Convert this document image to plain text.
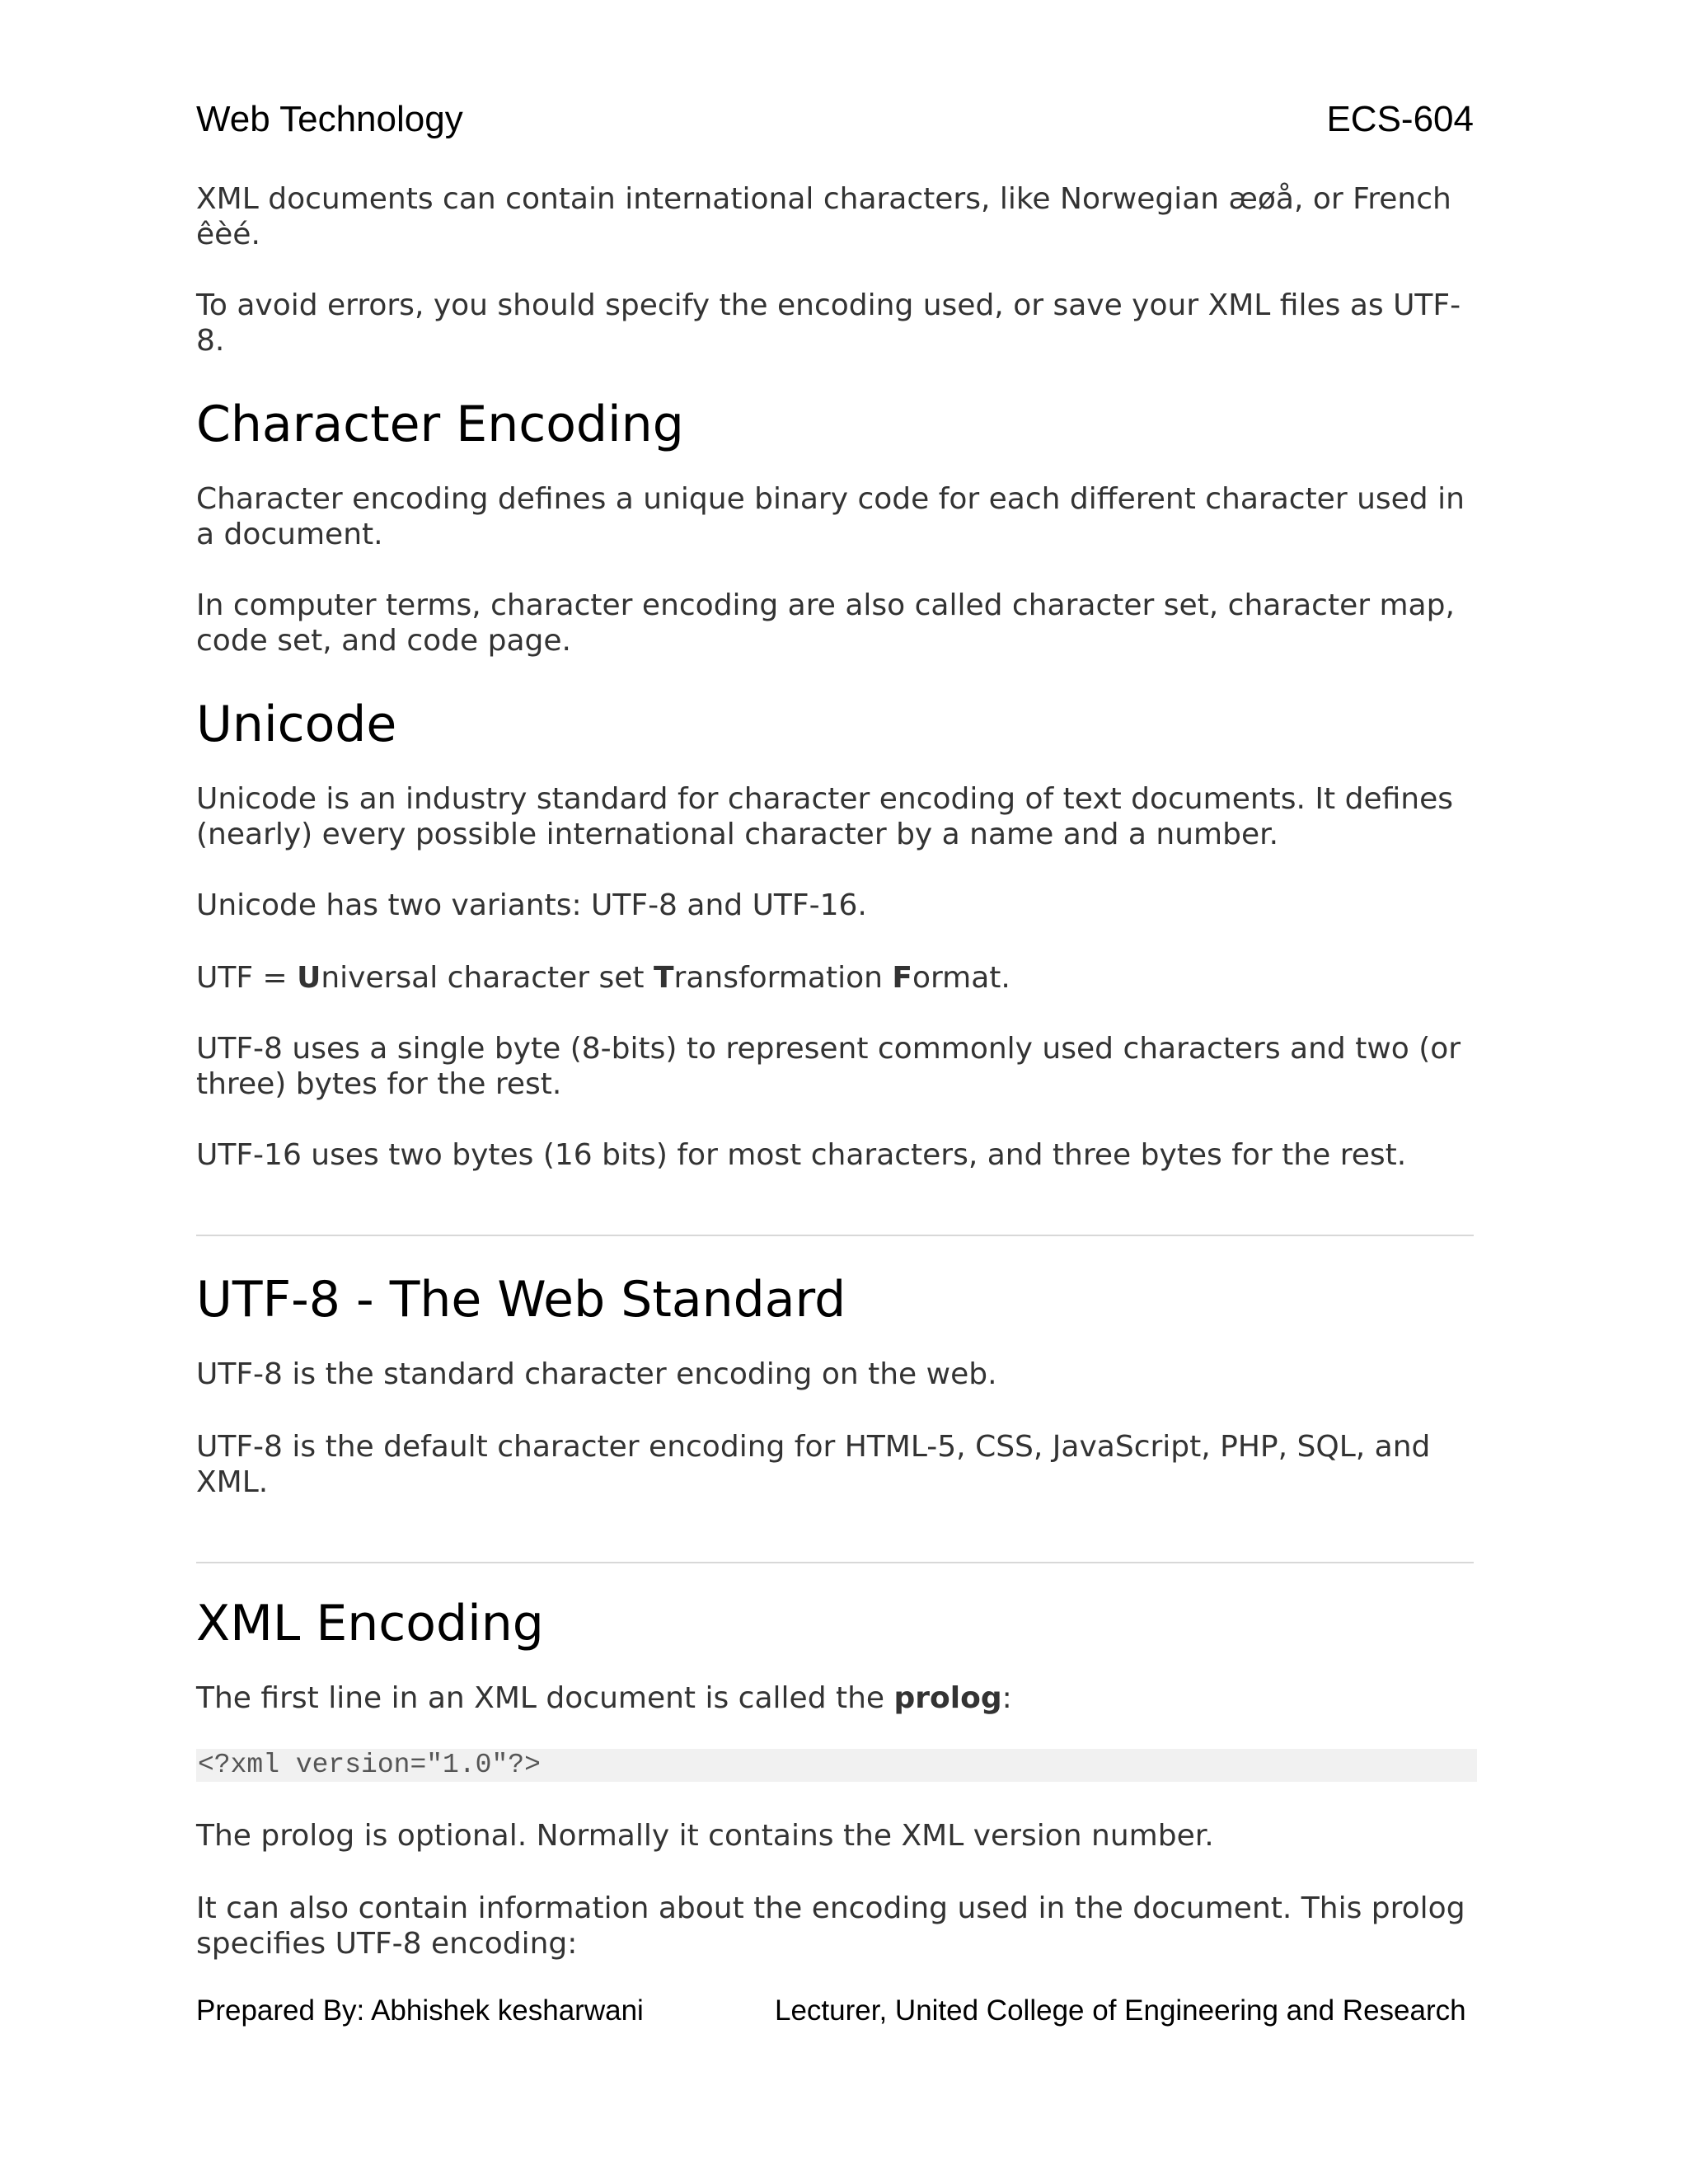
Web Technology	ECS-604

XML documents can contain international characters, like Norwegian æøå, or French êèé.

To avoid errors, you should specify the encoding used, or save your XML files as UTF-8.

Character Encoding

Character encoding defines a unique binary code for each different character used in a document.

In computer terms, character encoding are also called character set, character map, code set, and code page.

Unicode

Unicode is an industry standard for character encoding of text documents. It defines (nearly) every possible international character by a name and a number.

Unicode has two variants: UTF-8 and UTF-16.

UTF = Universal character set Transformation Format.

UTF-8 uses a single byte (8-bits) to represent commonly used characters and two (or three) bytes for the rest.

UTF-16 uses two bytes (16 bits) for most characters, and three bytes for the rest.

UTF-8 - The Web Standard

UTF-8 is the standard character encoding on the web.

UTF-8 is the default character encoding for HTML-5, CSS, JavaScript, PHP, SQL, and XML.

XML Encoding

The first line in an XML document is called the prolog:

<?xml version="1.0"?>

The prolog is optional. Normally it contains the XML version number.

It can also contain information about the encoding used in the document. This prolog specifies UTF-8 encoding:

Prepared By: Abhishek kesharwani	Lecturer, United College of Engineering and Research
